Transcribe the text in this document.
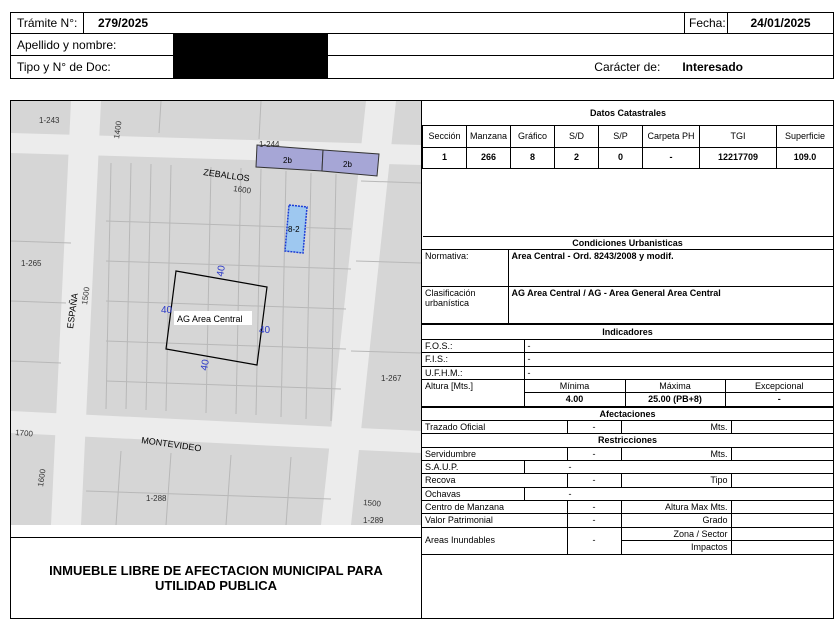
Trámite N°: 279/2025	Fecha: 24/01/2025
Apellido y nombre:
Tipo y N° de Doc:	Carácter de: Interesado
2b	2b
8-2
AG Area Central
40
40
40
40
ZEBALLOS
ESPAÑA
MONTEVIDEO
1-243	1400
1-244
1600
1-265
1500
1-267
1700
1600
1-288	1500
1-289
INMUEBLE LIBRE DE AFECTACION MUNICIPAL PARA UTILIDAD PUBLICA
Datos Catastrales							
Sección	Manzana	Gráfico	S/D	S/P	Carpeta PH	TGI	Superficie
1	266	8	2	0	-	12217709	109.0

Condiciones Urbanisticas	
Normativa:	Area Central - Ord. 8243/2008 y modif.

Clasificación
urbanística	AG Area Central / AG - Area General Area Central
Indicadores			
F.O.S.:	-		
F.I.S.:	-		
U.F.H.M.:	-		
Altura [Mts.]	Mínima	Máxima	Excepcional
	4.00	25.00 (PB+8)	-
Afectaciones				
Trazado Oficial		-	Mts.	
Restricciones				
Servidumbre		-	Mts.	
S.A.U.P.	-			
Recova		-	Tipo	
Ochavas	-			
Centro de Manzana		-	Altura Max Mts.	
Valor Patrimonial		-	Grado	
Areas Inundables		-	Zona / Sector	
			Impactos	
